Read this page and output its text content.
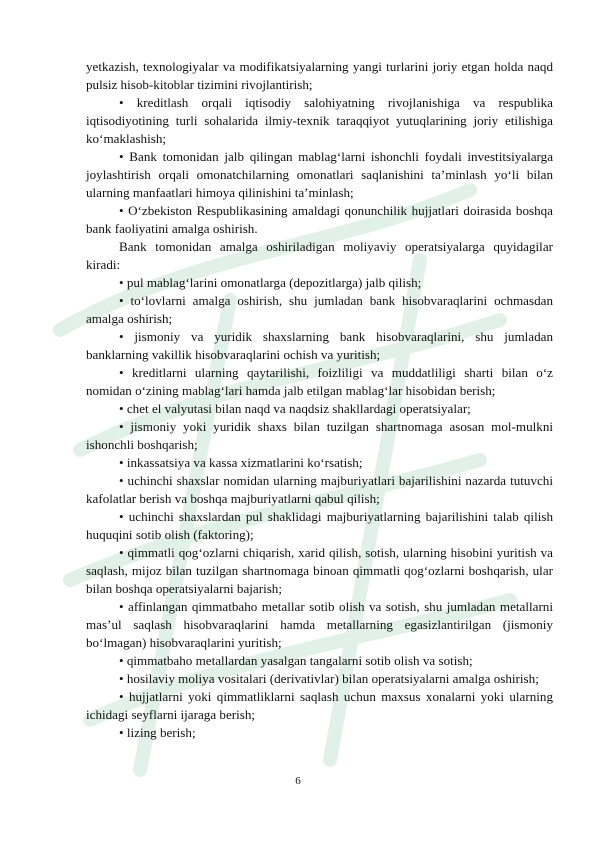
yetkazish, texnologiyalar va modifikatsiyalarning yangi turlarini joriy etgan holda naqd pulsiz hisob-kitoblar tizimini rivojlantirish;

• kreditlash orqali iqtisodiy salohiyatning rivojlanishiga va respublika iqtisodiyotining turli sohalarida ilmiy-texnik taraqqiyot yutuqlarining joriy etilishiga koʻmaklashish;

• Bank tomonidan jalb qilingan mablagʻlarni ishonchli foydali investitsiyalarga joylashtirish orqali omonatchilarning omonatlari saqlanishini taʼminlash yoʻli bilan ularning manfaatlari himoya qilinishini taʼminlash;

• Oʻzbekiston Respublikasining amaldagi qonunchilik hujjatlari doirasida boshqa bank faoliyatini amalga oshirish.

Bank tomonidan amalga oshiriladigan moliyaviy operatsiyalarga quyidagilar kiradi:

• pul mablagʻlarini omonatlarga (depozitlarga) jalb qilish;

• toʻlovlarni amalga oshirish, shu jumladan bank hisobvaraqlarini ochmasdan amalga oshirish;

• jismoniy va yuridik shaxslarning bank hisobvaraqlarini, shu jumladan banklarning vakillik hisobvaraqlarini ochish va yuritish;

• kreditlarni ularning qaytarilishi, foizliligi va muddatliligi sharti bilan oʻz nomidan oʻzining mablagʻlari hamda jalb etilgan mablagʻlar hisobidan berish;

• chet el valyutasi bilan naqd va naqdsiz shakllardagi operatsiyalar;

• jismoniy yoki yuridik shaxs bilan tuzilgan shartnomaga asosan mol-mulkni ishonchli boshqarish;

• inkassatsiya va kassa xizmatlarini koʻrsatish;

• uchinchi shaxslar nomidan ularning majburiyatlari bajarilishini nazarda tutuvchi kafolatlar berish va boshqa majburiyatlarni qabul qilish;

• uchinchi shaxslardan pul shaklidagi majburiyatlarning bajarilishini talab qilish huquqini sotib olish (faktoring);

• qimmatli qogʻozlarni chiqarish, xarid qilish, sotish, ularning hisobini yuritish va saqlash, mijoz bilan tuzilgan shartnomaga binoan qimmatli qogʻozlarni boshqarish, ular bilan boshqa operatsiyalarni bajarish;

• affinlangan qimmatbaho metallar sotib olish va sotish, shu jumladan metallarni masʼul saqlash hisobvaraqlarini hamda metallarning egasizlantirilgan (jismoniy boʻlmagan) hisobvaraqlarini yuritish;

• qimmatbaho metallardan yasalgan tangalarni sotib olish va sotish;

• hosilaviy moliya vositalari (derivativlar) bilan operatsiyalarni amalga oshirish;

• hujjatlarni yoki qimmatliklarni saqlash uchun maxsus xonalarni yoki ularning ichidagi seyflarni ijaraga berish;

• lizing berish;

6
